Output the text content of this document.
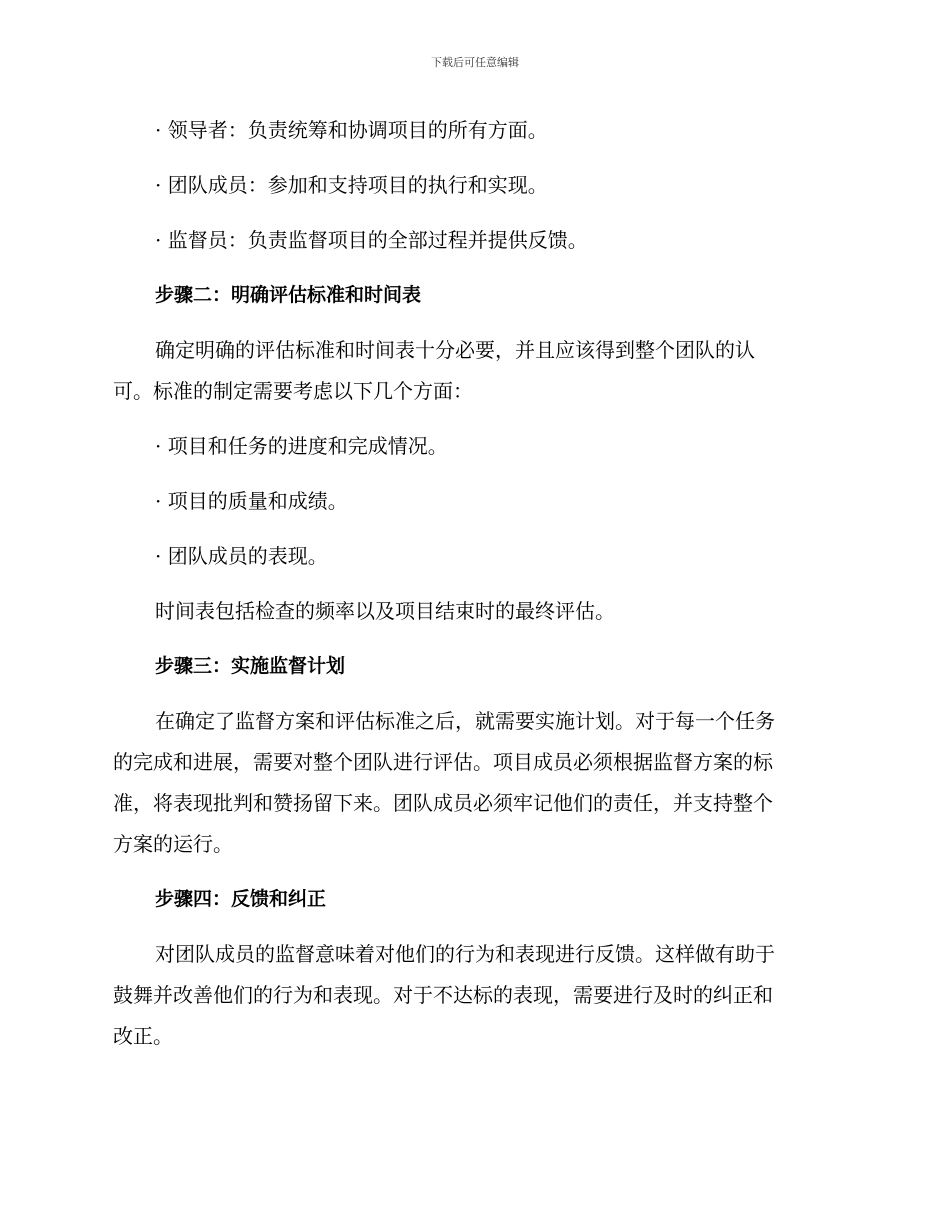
下载后可任意编辑
· 领导者：负责统筹和协调项目的所有方面。
· 团队成员：参加和支持项目的执行和实现。
· 监督员：负责监督项目的全部过程并提供反馈。
步骤二：明确评估标准和时间表
确定明确的评估标准和时间表十分必要，并且应该得到整个团队的认
可。标准的制定需要考虑以下几个方面：
· 项目和任务的进度和完成情况。
· 项目的质量和成绩。
· 团队成员的表现。
时间表包括检查的频率以及项目结束时的最终评估。
步骤三：实施监督计划
在确定了监督方案和评估标准之后，就需要实施计划。对于每一个任务
的完成和进展，需要对整个团队进行评估。项目成员必须根据监督方案的标
准，将表现批判和赞扬留下来。团队成员必须牢记他们的责任，并支持整个
方案的运行。
步骤四：反馈和纠正
对团队成员的监督意味着对他们的行为和表现进行反馈。这样做有助于
鼓舞并改善他们的行为和表现。对于不达标的表现，需要进行及时的纠正和
改正。
